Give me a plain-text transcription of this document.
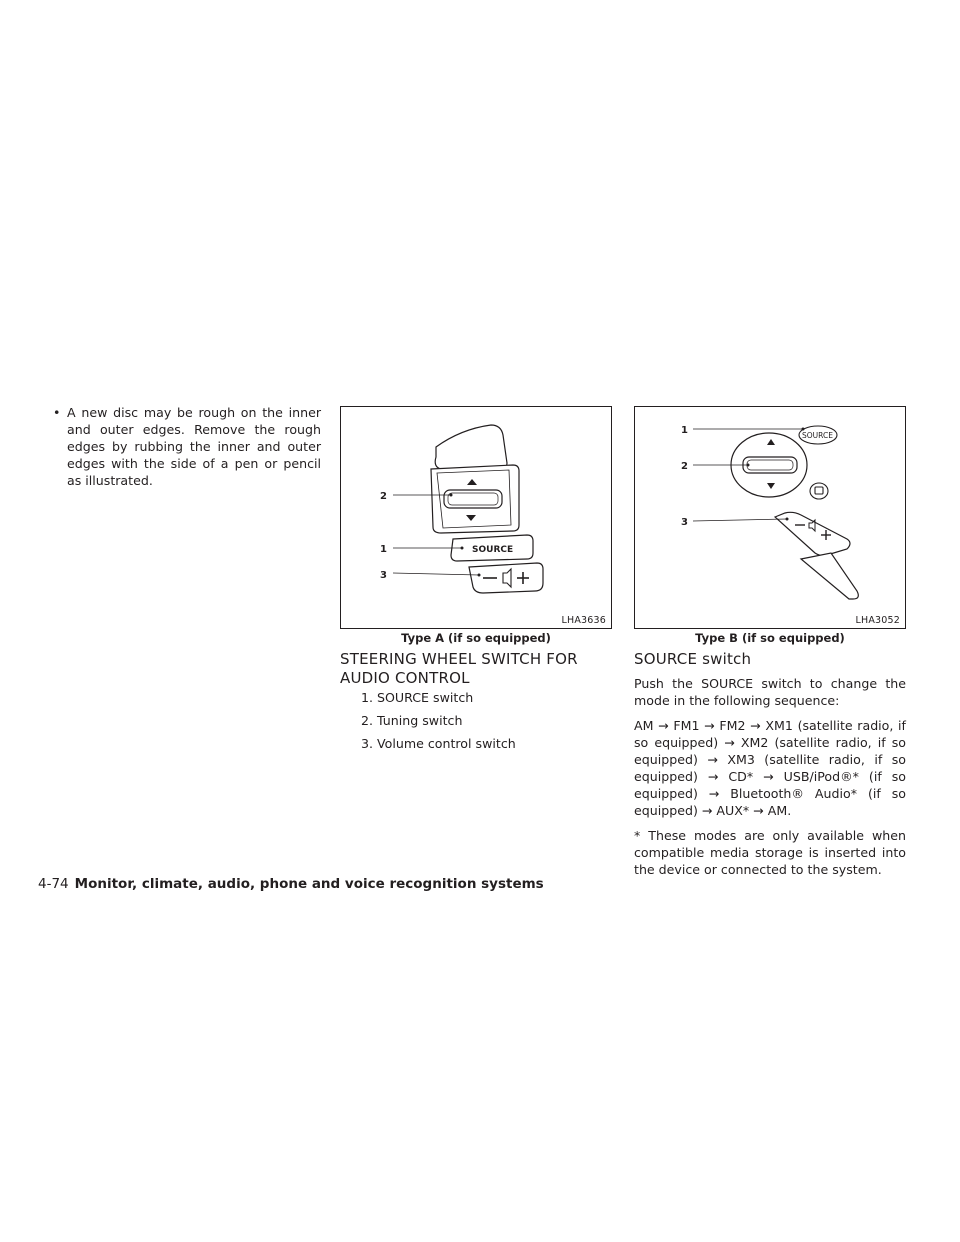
• A new disc may be rough on the inner and outer edges. Remove the rough edges by rubbing the inner and outer edges with the side of a pen or pencil as illustrated.
SOURCE
2
1
3
LHA3636
SOURCE
1
2
3
LHA3052
Type A (if so equipped)	Type B (if so equipped)
STEERING WHEEL SWITCH FOR
AUDIO CONTROL
1. SOURCE switch
2. Tuning switch
3. Volume control switch
SOURCE switch

Push the SOURCE switch to change the mode in the following sequence:

AM → FM1 → FM2 → XM1 (satellite radio, if so equipped) → XM2 (satellite radio, if so equipped) → XM3 (satellite radio, if so equipped) → CD* → USB/iPod®* (if so equipped) → Bluetooth® Audio* (if so equipped) → AUX* → AM.

* These modes are only available when compatible media storage is inserted into the device or connected to the system.

4-74 Monitor, climate, audio, phone and voice recognition systems
